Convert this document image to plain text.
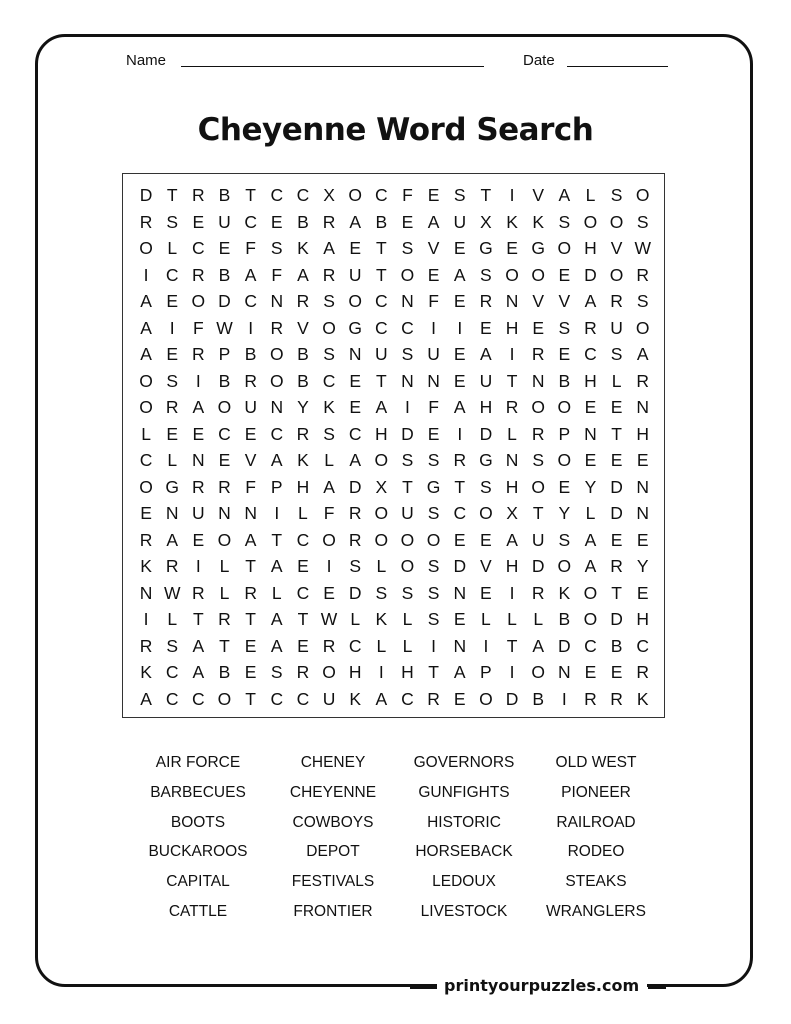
Name	Date
Cheyenne Word Search
D T R B T C C X O C F E S T	I	V A L S O
R S E U C E B R A B E A U X K K S O O S
O L C E F S K A E T S V E G E G O H V W
I C R B A F A R U T O E A S O O E D O R
A E O D C N R S O C N F E R N V V A R S
A	I	F W I R V O G C C I	I	E H E S R U O
A E R P B O B S N U S U E A	I R E C S A
O S	I	B R O B C E T N N E U T N B H L R
O R A O U N Y K E A	I	F A H R O O E E N
L E E C E C R S C H D E	I D L R P N T H
C L N E V A K L A O S S R G N S O E E E
O G R R F P H A D X T G T S H O E Y D N
E N U N N I	L F R O U S C O X T Y L D N
R A E O A T C O R O O O E E A U S A E E
K R I	L T A E	I	S L O S D V H D O A R Y
N W R L R L C E D S S S N E	I R K O T E
I	L T R T A T W L K L S E L L L B O D H
R S A T E A E R C L L	I N I	T A D C B C
K C A B E S R O H I H T A P	I O N E E R
A C C O T C C U K A C R E O D B	I R R K
AIR FORCE	CHENEY	GOVERNORS	OLD WEST
BARBECUES	CHEYENNE	GUNFIGHTS	PIONEER
BOOTS	COWBOYS	HISTORIC	RAILROAD
BUCKAROOS	DEPOT	HORSEBACK	RODEO
CAPITAL	FESTIVALS	LEDOUX	STEAKS
CATTLE	FRONTIER	LIVESTOCK	WRANGLERS
printyourpuzzles.com
